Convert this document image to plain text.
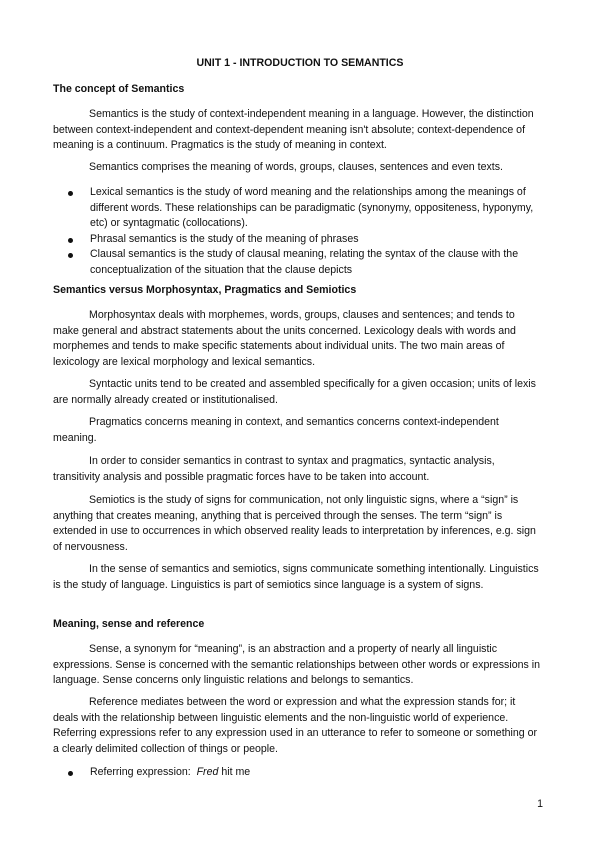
UNIT 1 - INTRODUCTION TO SEMANTICS
The concept of Semantics

Semantics is the study of context-independent meaning in a language. However, the distinction between context-independent and context-dependent meaning isn't absolute; context-dependence of meaning is a continuum. Pragmatics is the study of meaning in context.

Semantics comprises the meaning of words, groups, clauses, sentences and even texts.

Lexical semantics is the study of word meaning and the relationships among the meanings of different words. These relationships can be paradigmatic (synonymy, oppositeness, hyponymy, etc) or syntagmatic (collocations).
Phrasal semantics is the study of the meaning of phrases
Clausal semantics is the study of clausal meaning, relating the syntax of the clause with the conceptualization of the situation that the clause depicts
Semantics versus Morphosyntax, Pragmatics and Semiotics

Morphosyntax deals with morphemes, words, groups, clauses and sentences; and tends to make general and abstract statements about the units concerned. Lexicology deals with words and morphemes and tends to make specific statements about individual units. The two main areas of lexicology are lexical morphology and lexical semantics.

Syntactic units tend to be created and assembled specifically for a given occasion; units of lexis are normally already created or institutionalised.

Pragmatics concerns meaning in context, and semantics concerns context-independent meaning.

In order to consider semantics in contrast to syntax and pragmatics, syntactic analysis, transitivity analysis and possible pragmatic forces have to be taken into account.

Semiotics is the study of signs for communication, not only linguistic signs, where a “sign” is anything that creates meaning, anything that is perceived through the senses. The term “sign” is extended in use to occurrences in which observed reality leads to interpretation by inferences, e.g. sign of nervousness.

In the sense of semantics and semiotics, signs communicate something intentionally. Linguistics is the study of language. Linguistics is part of semiotics since language is a system of signs.

Meaning, sense and reference

Sense, a synonym for “meaning”, is an abstraction and a property of nearly all linguistic expressions. Sense is concerned with the semantic relationships between other words or expressions in language. Sense concerns only linguistic relations and belongs to semantics.

Reference mediates between the word or expression and what the expression stands for; it deals with the relationship between linguistic elements and the non-linguistic world of experience. Referring expressions refer to any expression used in an utterance to refer to someone or something or a clearly delimited collection of things or people.

Referring expression: Fred hit me
1
